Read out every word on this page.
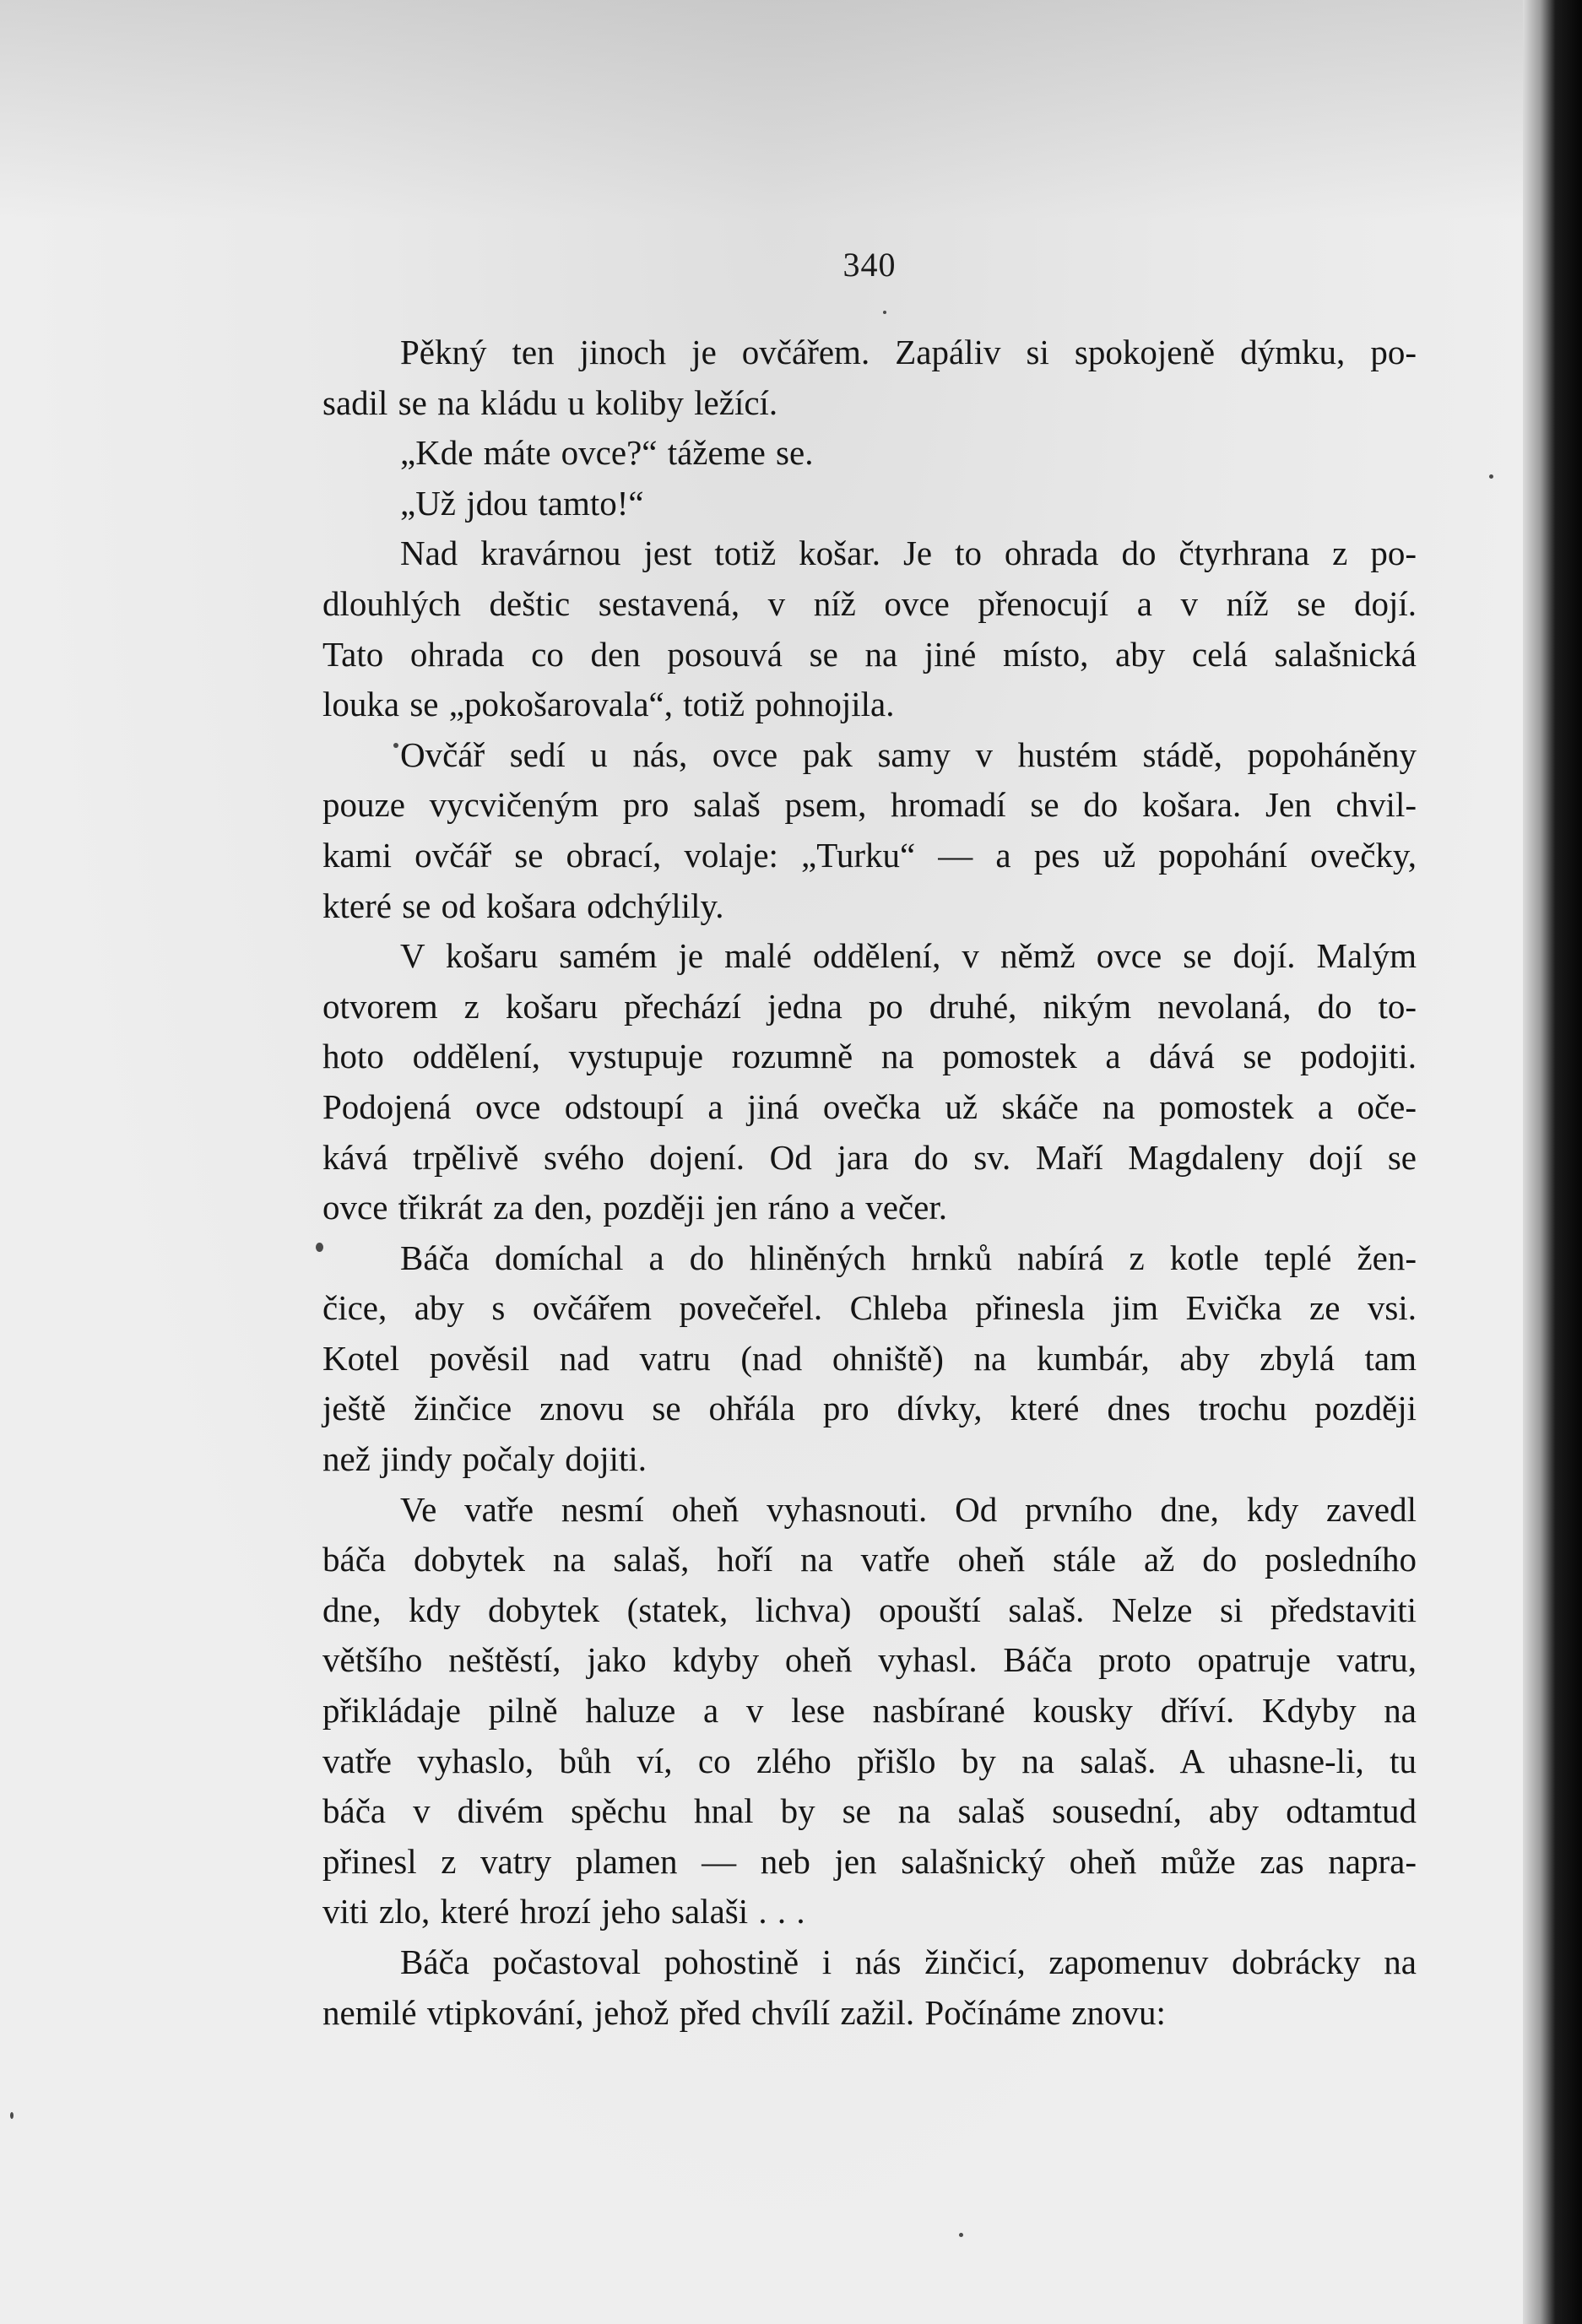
340
Pěkný ten jinoch je ovčářem. Zapáliv si spokojeně dýmku, po-
sadil se na kládu u koliby ležící.
„Kde máte ovce?“ tážeme se.
„Už jdou tamto!“
Nad kravárnou jest totiž košar. Je to ohrada do čtyrhrana z po-
dlouhlých deštic sestavená, v níž ovce přenocují a v níž se dojí.
Tato ohrada co den posouvá se na jiné místo, aby celá salašnická
louka se „pokošarovala“, totiž pohnojila.
Ovčář sedí u nás, ovce pak samy v hustém stádě, popoháněny
pouze vycvičeným pro salaš psem, hromadí se do košara. Jen chvil-
kami ovčář se obrací, volaje: „Turku“ — a pes už popohání ovečky,
které se od košara odchýlily.
V košaru samém je malé oddělení, v němž ovce se dojí. Malým
otvorem z košaru přechází jedna po druhé, nikým nevolaná, do to-
hoto oddělení, vystupuje rozumně na pomostek a dává se podojiti.
Podojená ovce odstoupí a jiná ovečka už skáče na pomostek a oče-
kává trpělivě svého dojení. Od jara do sv. Maří Magdaleny dojí se
ovce třikrát za den, později jen ráno a večer.
Báča domíchal a do hliněných hrnků nabírá z kotle teplé žen-
čice, aby s ovčářem povečeřel. Chleba přinesla jim Evička ze vsi.
Kotel pověsil nad vatru (nad ohniště) na kumbár, aby zbylá tam
ještě žinčice znovu se ohřála pro dívky, které dnes trochu později
než jindy počaly dojiti.
Ve vatře nesmí oheň vyhasnouti. Od prvního dne, kdy zavedl
báča dobytek na salaš, hoří na vatře oheň stále až do posledního
dne, kdy dobytek (statek, lichva) opouští salaš. Nelze si představiti
většího neštěstí, jako kdyby oheň vyhasl. Báča proto opatruje vatru,
přikládaje pilně haluze a v lese nasbírané kousky dříví. Kdyby na
vatře vyhaslo, bůh ví, co zlého přišlo by na salaš. A uhasne-li, tu
báča v divém spěchu hnal by se na salaš sousední, aby odtamtud
přinesl z vatry plamen — neb jen salašnický oheň může zas napra-
viti zlo, které hrozí jeho salaši . . .
Báča počastoval pohostině i nás žinčicí, zapomenuv dobrácky na
nemilé vtipkování, jehož před chvílí zažil. Počínáme znovu:
